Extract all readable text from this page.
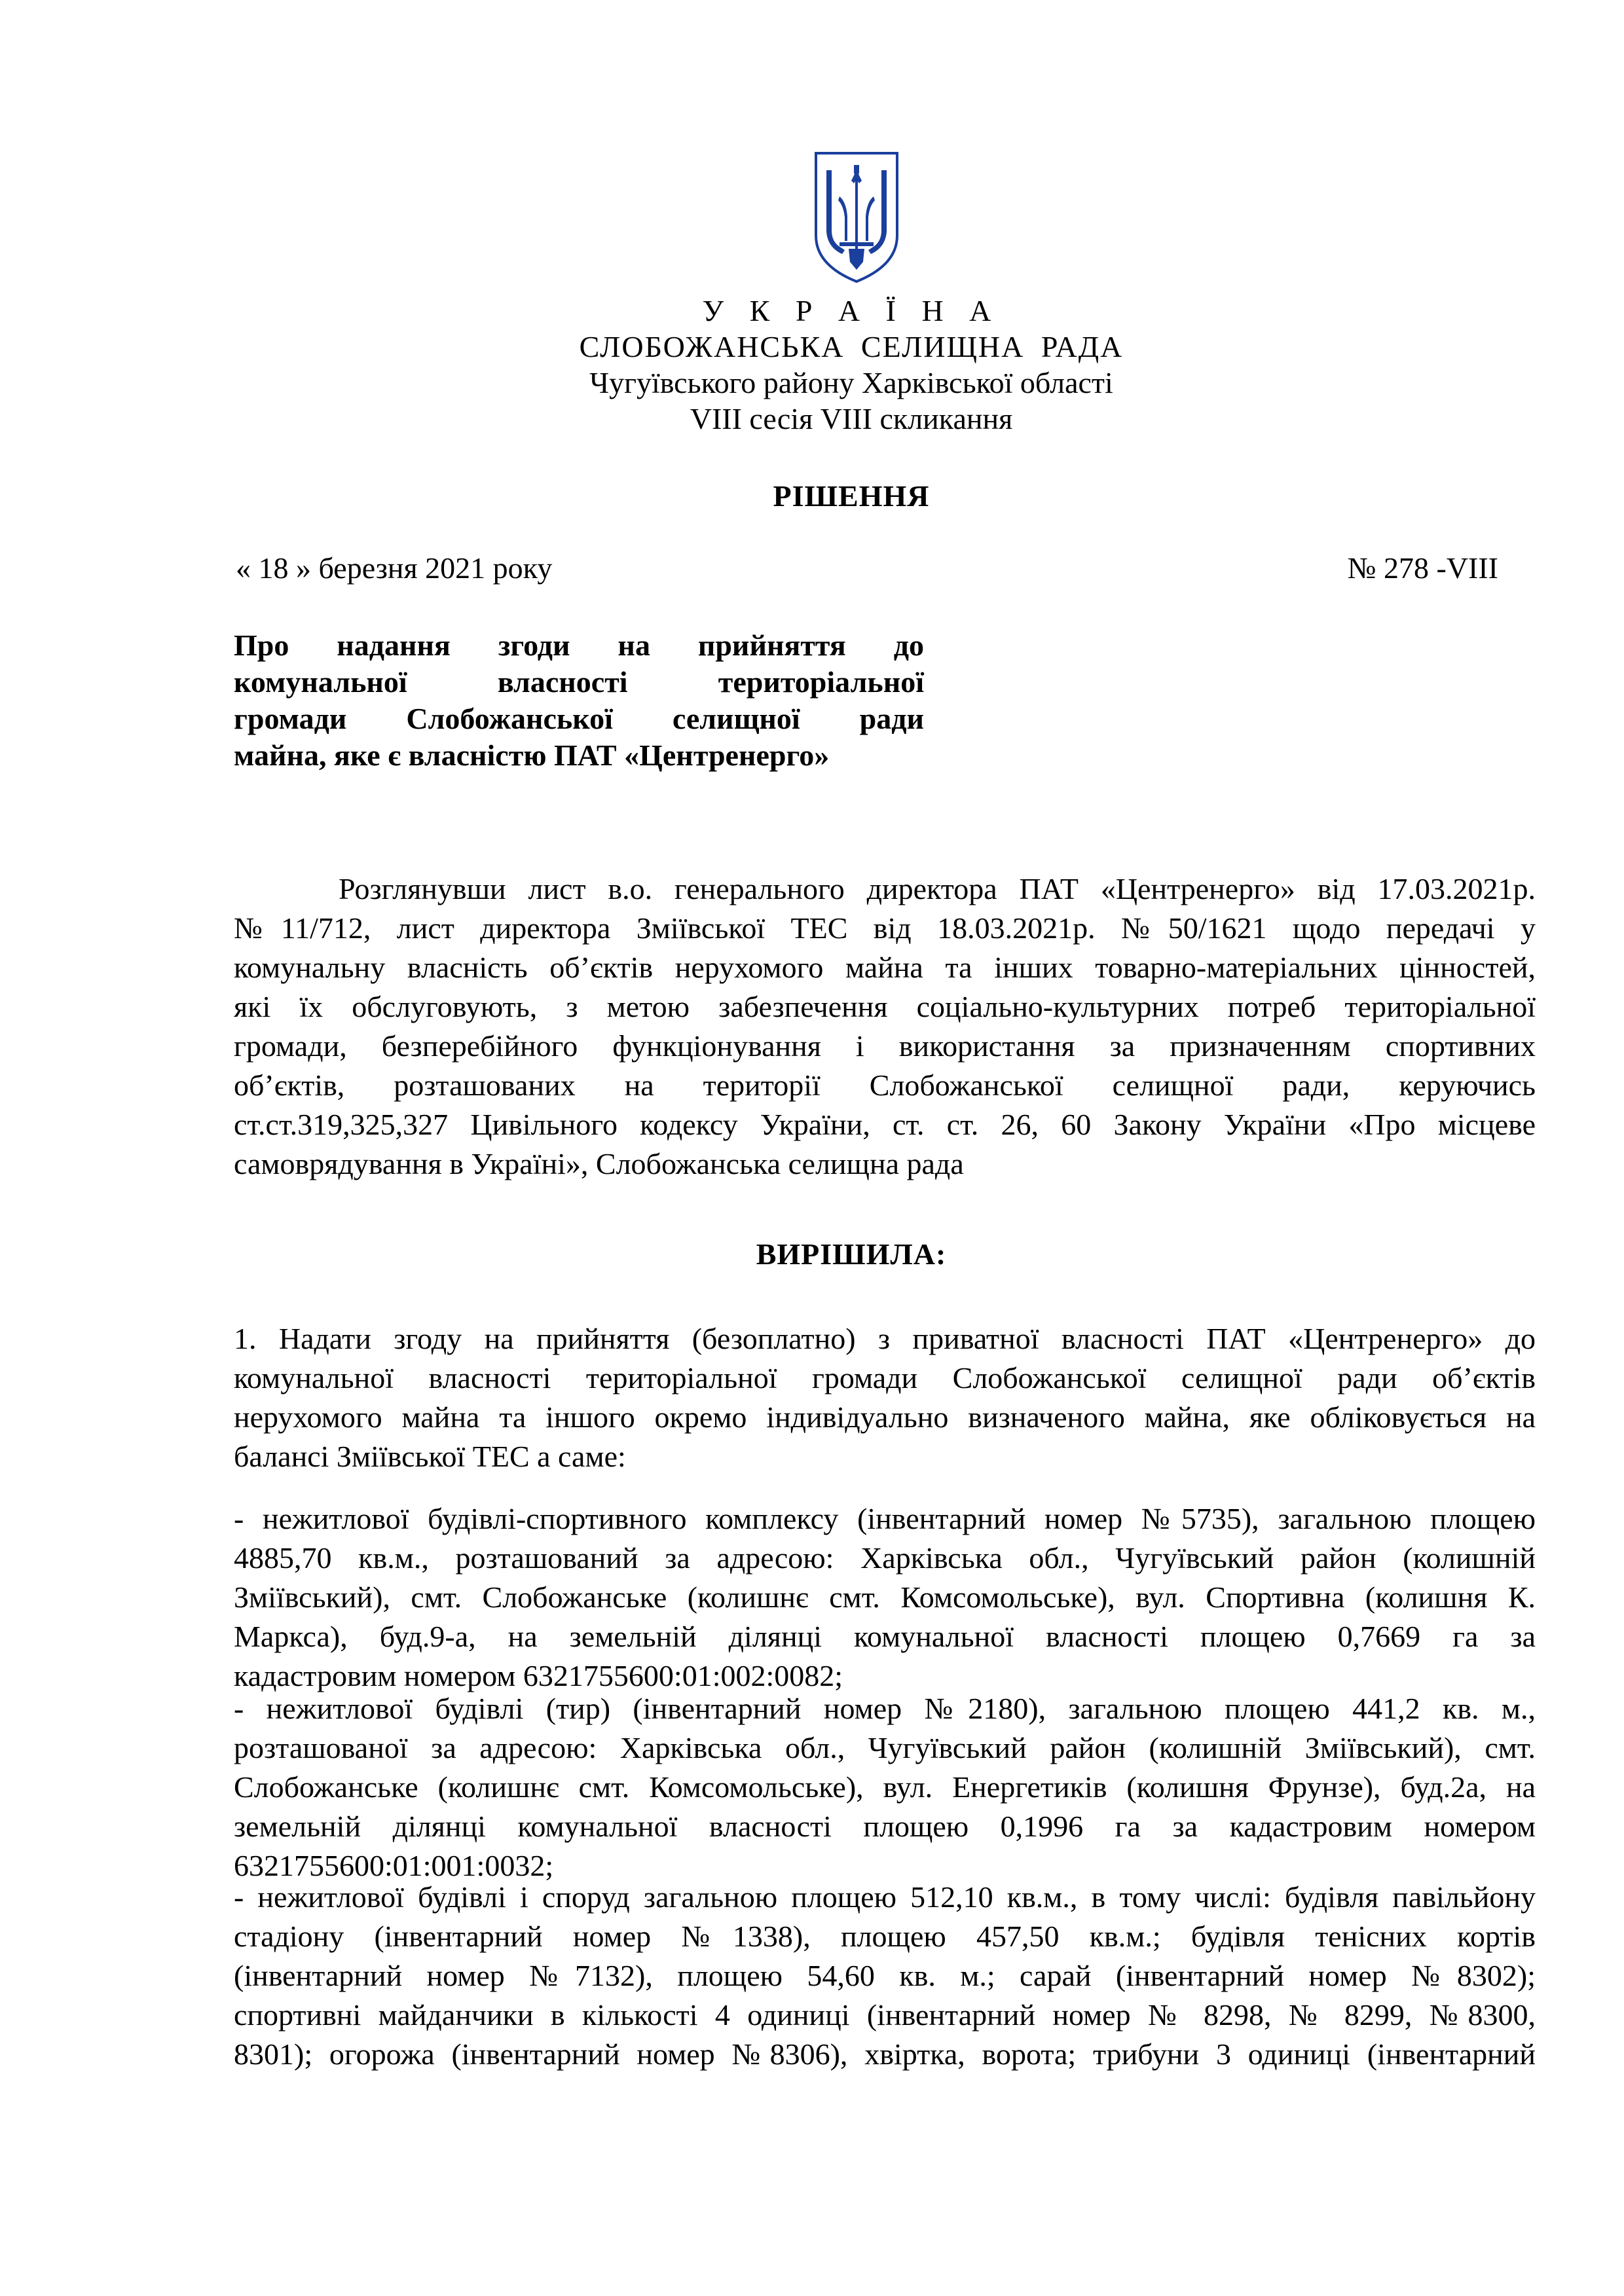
У К Р А Ї Н А
СЛОБОЖАНСЬКА СЕЛИЩНА РАДА
Чугуївського району Харківської області
VIII сесія VIII скликання
РІШЕННЯ
« 18 » березня 2021 року	№ 278 -VIII
Про надання згоди на прийняття до
комунальної власності територіальної
громади Слобожанської селищної ради
майна, яке є власністю ПАТ «Центренерго»
Розглянувши лист в.о. генерального директора ПАТ «Центренерго» від 17.03.2021р.
№11/712, лист директора Зміївської ТЕС від 18.03.2021р. №50/1621 щодо передачі у
комунальну власність об’єктів нерухомого майна та інших товарно-матеріальних цінностей,
які їх обслуговують, з метою забезпечення соціально-культурних потреб територіальної
громади, безперебійного функціонування і використання за призначенням спортивних
об’єктів, розташованих на території Слобожанської селищної ради, керуючись
ст.ст.319,325,327 Цивільного кодексу України, ст. ст. 26, 60 Закону України «Про місцеве
самоврядування в Україні», Слобожанська селищна рада
ВИРІШИЛА:
1. Надати згоду на прийняття (безоплатно) з приватної власності ПАТ «Центренерго» до
комунальної власності територіальної громади Слобожанської селищної ради об’єктів
нерухомого майна та іншого окремо індивідуально визначеного майна, яке обліковується на
балансі Зміївської ТЕС а саме:
- нежитлової будівлі-спортивного комплексу (інвентарний номер №5735), загальною площею
4885,70 кв.м., розташований за адресою: Харківська обл., Чугуївський район (колишній
Зміївський), смт. Слобожанське (колишнє смт. Комсомольське), вул. Спортивна (колишня К.
Маркса), буд.9-а, на земельній ділянці комунальної власності площею 0,7669 га за
кадастровим номером 6321755600:01:002:0082;
- нежитлової будівлі (тир) (інвентарний номер №2180), загальною площею 441,2 кв. м.,
розташованої за адресою: Харківська обл., Чугуївський район (колишній Зміївський), смт.
Слобожанське (колишнє смт. Комсомольське), вул. Енергетиків (колишня Фрунзе), буд.2а, на
земельній ділянці комунальної власності площею 0,1996 га за кадастровим номером
6321755600:01:001:0032;
- нежитлової будівлі і споруд загальною площею 512,10 кв.м., в тому числі: будівля павільйону
стадіону (інвентарний номер №1338), площею 457,50 кв.м.; будівля тенісних кортів
(інвентарний номер №7132), площею 54,60 кв. м.; сарай (інвентарний номер №8302);
спортивні майданчики в кількості 4 одиниці (інвентарний номер № 8298, № 8299, №8300,
8301); огорожа (інвентарний номер №8306), хвіртка, ворота; трибуни 3 одиниці (інвентарний
